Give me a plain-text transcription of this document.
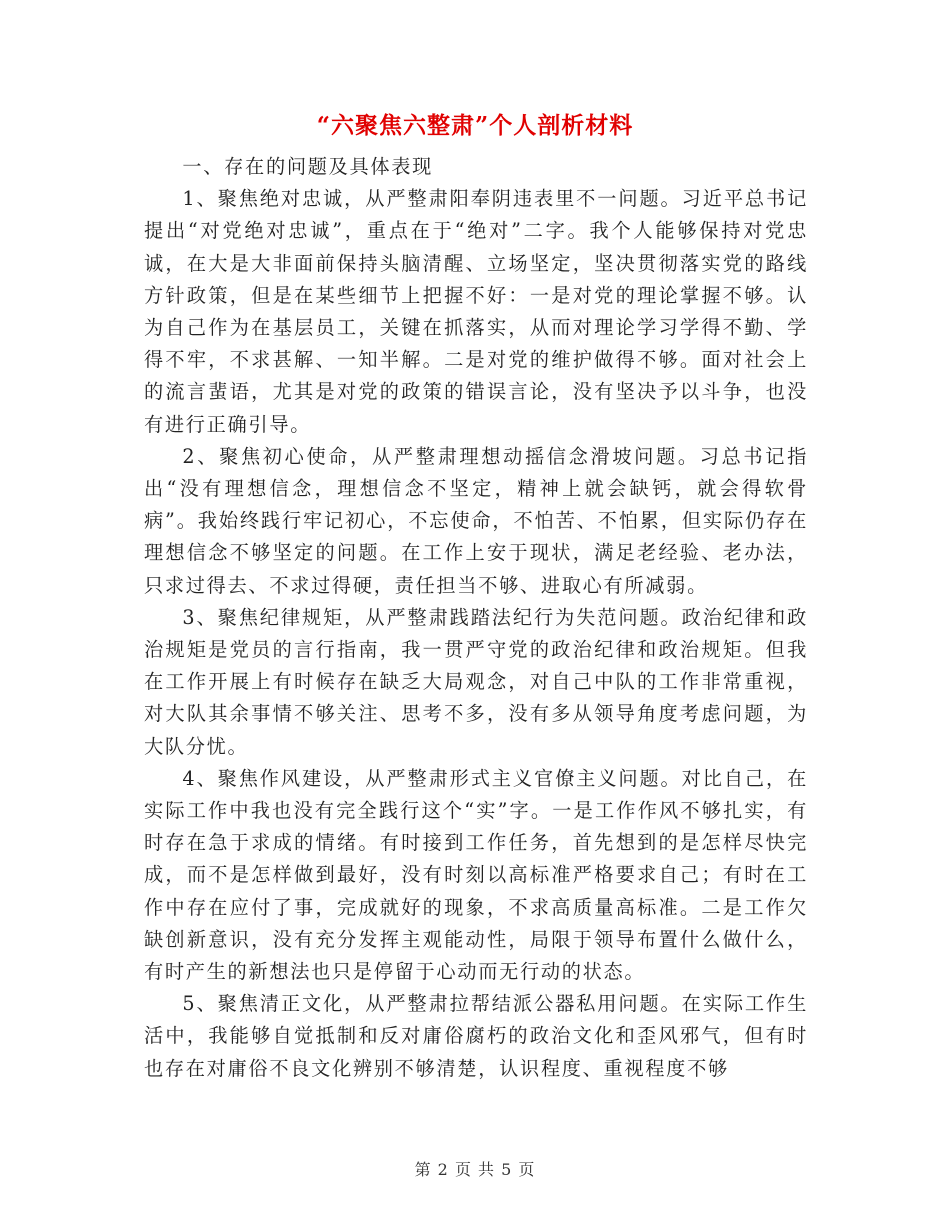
“六聚焦六整肃”个人剖析材料

一、存在的问题及具体表现

1、聚焦绝对忠诚，从严整肃阳奉阴违表里不一问题。习近平总书记提出“对党绝对忠诚”，重点在于“绝对”二字。我个人能够保持对党忠诚，在大是大非面前保持头脑清醒、立场坚定，坚决贯彻落实党的路线方针政策，但是在某些细节上把握不好：一是对党的理论掌握不够。认为自己作为在基层员工，关键在抓落实，从而对理论学习学得不勤、学得不牢，不求甚解、一知半解。二是对党的维护做得不够。面对社会上的流言蜚语，尤其是对党的政策的错误言论，没有坚决予以斗争，也没有进行正确引导。

2、聚焦初心使命，从严整肃理想动摇信念滑坡问题。习总书记指出“没有理想信念，理想信念不坚定，精神上就会缺钙，就会得软骨病”。我始终践行牢记初心，不忘使命，不怕苦、不怕累，但实际仍存在理想信念不够坚定的问题。在工作上安于现状，满足老经验、老办法，只求过得去、不求过得硬，责任担当不够、进取心有所减弱。

3、聚焦纪律规矩，从严整肃践踏法纪行为失范问题。政治纪律和政治规矩是党员的言行指南，我一贯严守党的政治纪律和政治规矩。但我在工作开展上有时候存在缺乏大局观念，对自己中队的工作非常重视，对大队其余事情不够关注、思考不多，没有多从领导角度考虑问题，为大队分忧。

4、聚焦作风建设，从严整肃形式主义官僚主义问题。对比自己，在实际工作中我也没有完全践行这个“实”字。一是工作作风不够扎实，有时存在急于求成的情绪。有时接到工作任务，首先想到的是怎样尽快完成，而不是怎样做到最好，没有时刻以高标准严格要求自己；有时在工作中存在应付了事，完成就好的现象，不求高质量高标准。二是工作欠缺创新意识，没有充分发挥主观能动性，局限于领导布置什么做什么，有时产生的新想法也只是停留于心动而无行动的状态。

5、聚焦清正文化，从严整肃拉帮结派公器私用问题。在实际工作生活中，我能够自觉抵制和反对庸俗腐朽的政治文化和歪风邪气，但有时也存在对庸俗不良文化辨别不够清楚，认识程度、重视程度不够

第 2 页 共 5 页
